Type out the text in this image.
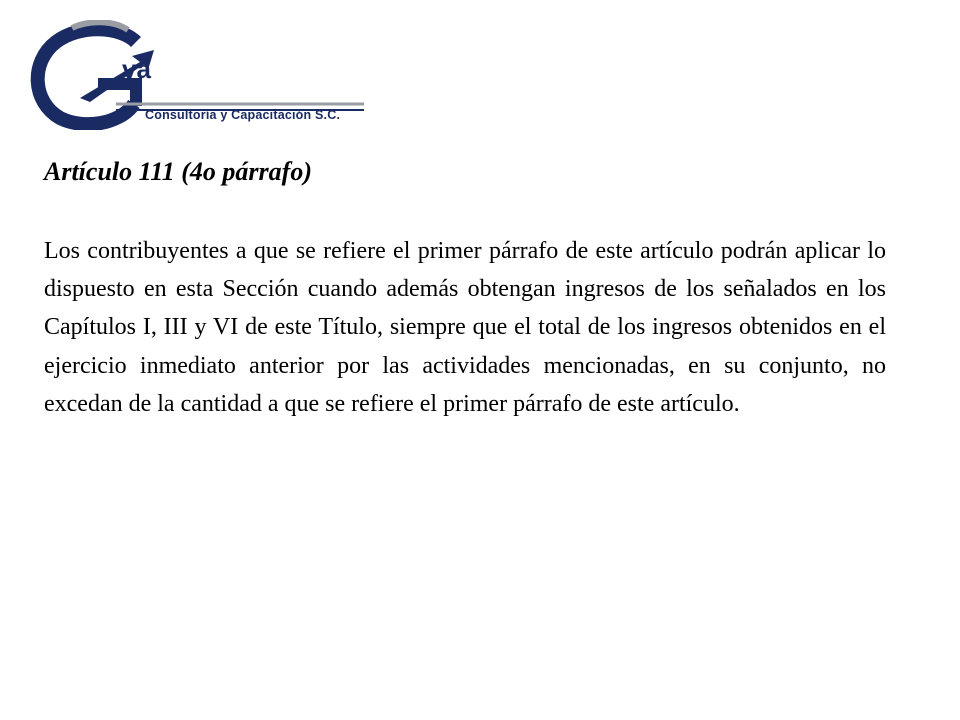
va
Consultoría y Capacitación S.C.
Artículo 111 (4o párrafo)

Los contribuyentes a que se refiere el primer párrafo de este artículo podrán aplicar lo dispuesto en esta Sección cuando además obtengan ingresos de los señalados en los Capítulos I, III y VI de este Título, siempre que el total de los ingresos obtenidos en el ejercicio inmediato anterior por las actividades mencionadas, en su conjunto, no excedan de la cantidad a que se refiere el primer párrafo de este artículo.
